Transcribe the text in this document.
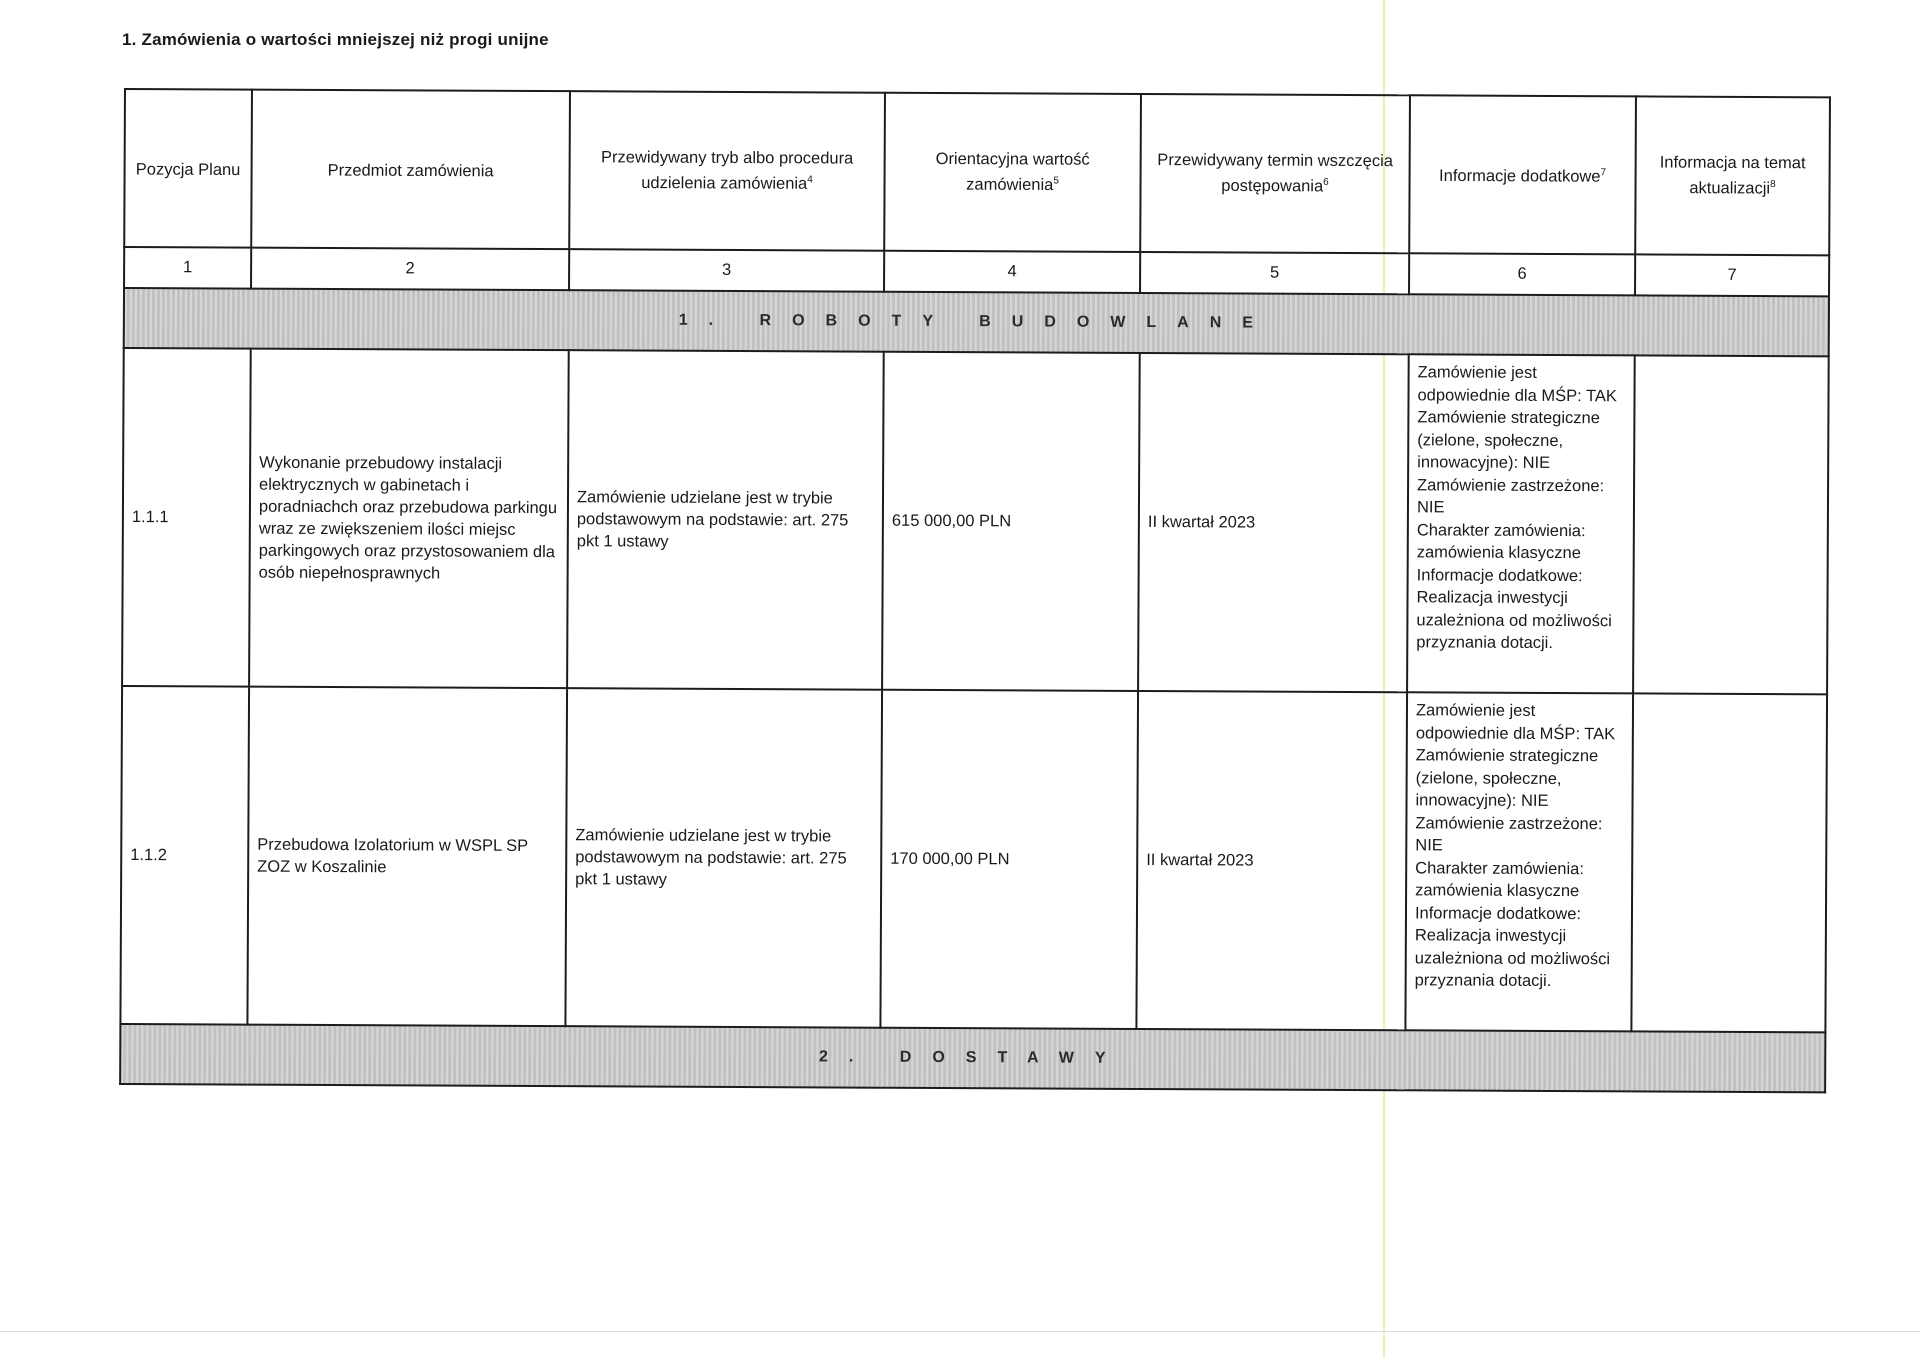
1. Zamówienia o wartości mniejszej niż progi unijne
Pozycja Planu	Przedmiot zamówienia	Przewidywany tryb albo procedura udzielenia zamówienia$^4$	Orientacyjna wartość zamówienia$^5$	Przewidywany termin wszczęcia postępowania$^6$	Informacje dodatkowe$^7$	Informacja na temat aktualizacji$^8$
1	2	3	4	5	6	7
1. ROBOTY BUDOWLANE						
1.1.1	Wykonanie przebudowy instalacji elektrycznych w gabinetach i poradniachch oraz przebudowa parkingu wraz ze zwiększeniem ilości miejsc parkingowych oraz przystosowaniem dla osób niepełnosprawnych	Zamówienie udzielane jest w trybie podstawowym na podstawie: art. 275 pkt 1 ustawy	615 000,00 PLN	II kwartał 2023	Zamówienie jest odpowiednie dla MŚP: TAK
Zamówienie strategiczne (zielone, społeczne, innowacyjne): NIE
Zamówienie zastrzeżone: NIE
Charakter zamówienia: zamówienia klasyczne
Informacje dodatkowe: Realizacja inwestycji uzależniona od możliwości przyznania dotacji.	

1.1.2	Przebudowa Izolatorium w WSPL SP ZOZ w Koszalinie	Zamówienie udzielane jest w trybie podstawowym na podstawie: art. 275 pkt 1 ustawy	170 000,00 PLN	II kwartał 2023	Zamówienie jest odpowiednie dla MŚP: TAK
Zamówienie strategiczne (zielone, społeczne, innowacyjne): NIE
Zamówienie zastrzeżone: NIE
Charakter zamówienia: zamówienia klasyczne
Informacje dodatkowe: Realizacja inwestycji uzależniona od możliwości przyznania dotacji.	

2. DOSTAWY						
